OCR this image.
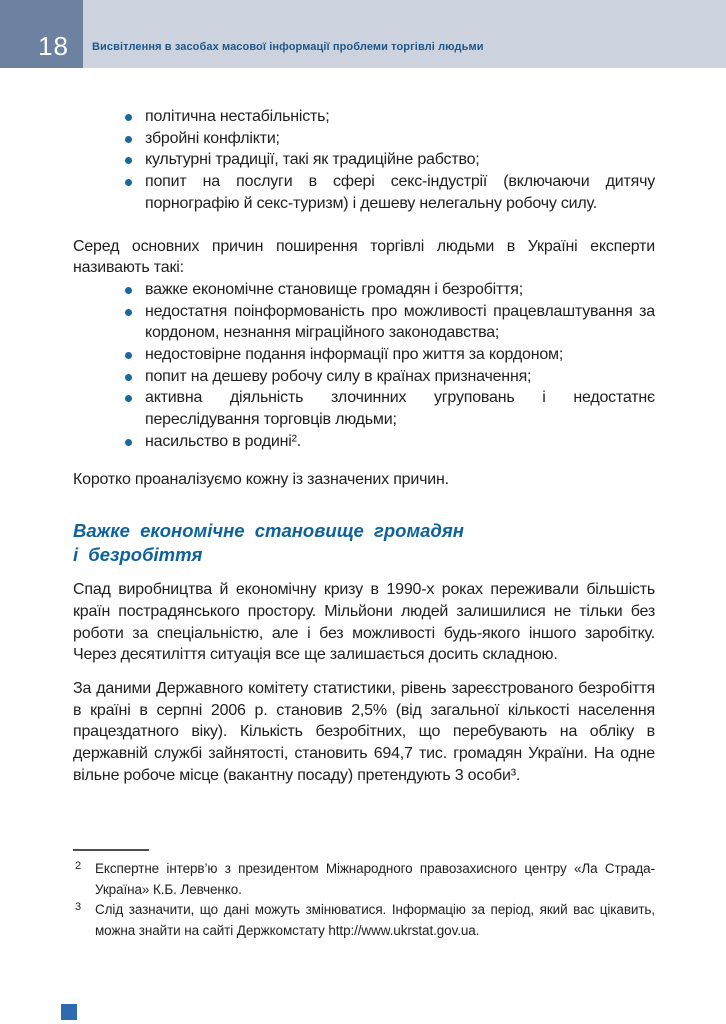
18 Висвітлення в засобах масової інформації проблеми торгівлі людьми
політична нестабільність;
збройні конфлікти;
культурні традиції, такі як традиційне рабство;
попит на послуги в сфері секс-індустрії (включаючи дитячу порнографію й секс-туризм) і дешеву нелегальну робочу силу.

Серед основних причин поширення торгівлі людьми в Україні експерти називають такі:

важке економічне становище громадян і безробіття;
недостатня поінформованість про можливості працевлаштування за кордоном, незнання міграційного законодавства;
недостовірне подання інформації про життя за кордоном;
попит на дешеву робочу силу в країнах призначення;
активна діяльність злочинних угруповань і недостатнє переслідування торговців людьми;
насильство в родині².

Коротко проаналізуємо кожну із зазначених причин.

Важке економічне становище громадян
і безробіття

Спад виробництва й економічну кризу в 1990-х роках переживали більшість країн пострадянського простору. Мільйони людей залишилися не тільки без роботи за спеціальністю, але і без можливості будь-якого іншого заробітку. Через десятиліття ситуація все ще залишається досить складною.

За даними Державного комітету статистики, рівень зареєстрованого безробіття в країні в серпні 2006 р. становив 2,5% (від загальної кількості населення працездатного віку). Кількість безробітних, що перебувають на обліку в державній службі зайнятості, становить 694,7 тис. громадян України. На одне вільне робоче місце (вакантну посаду) претендують 3 особи³.

2 Експертне інтерв’ю з президентом Міжнародного правозахисного центру «Ла Страда-Україна» К.Б. Левченко.
3 Слід зазначити, що дані можуть змінюватися. Інформацію за період, який вас цікавить, можна знайти на сайті Держкомстату http://www.ukrstat.gov.ua.
